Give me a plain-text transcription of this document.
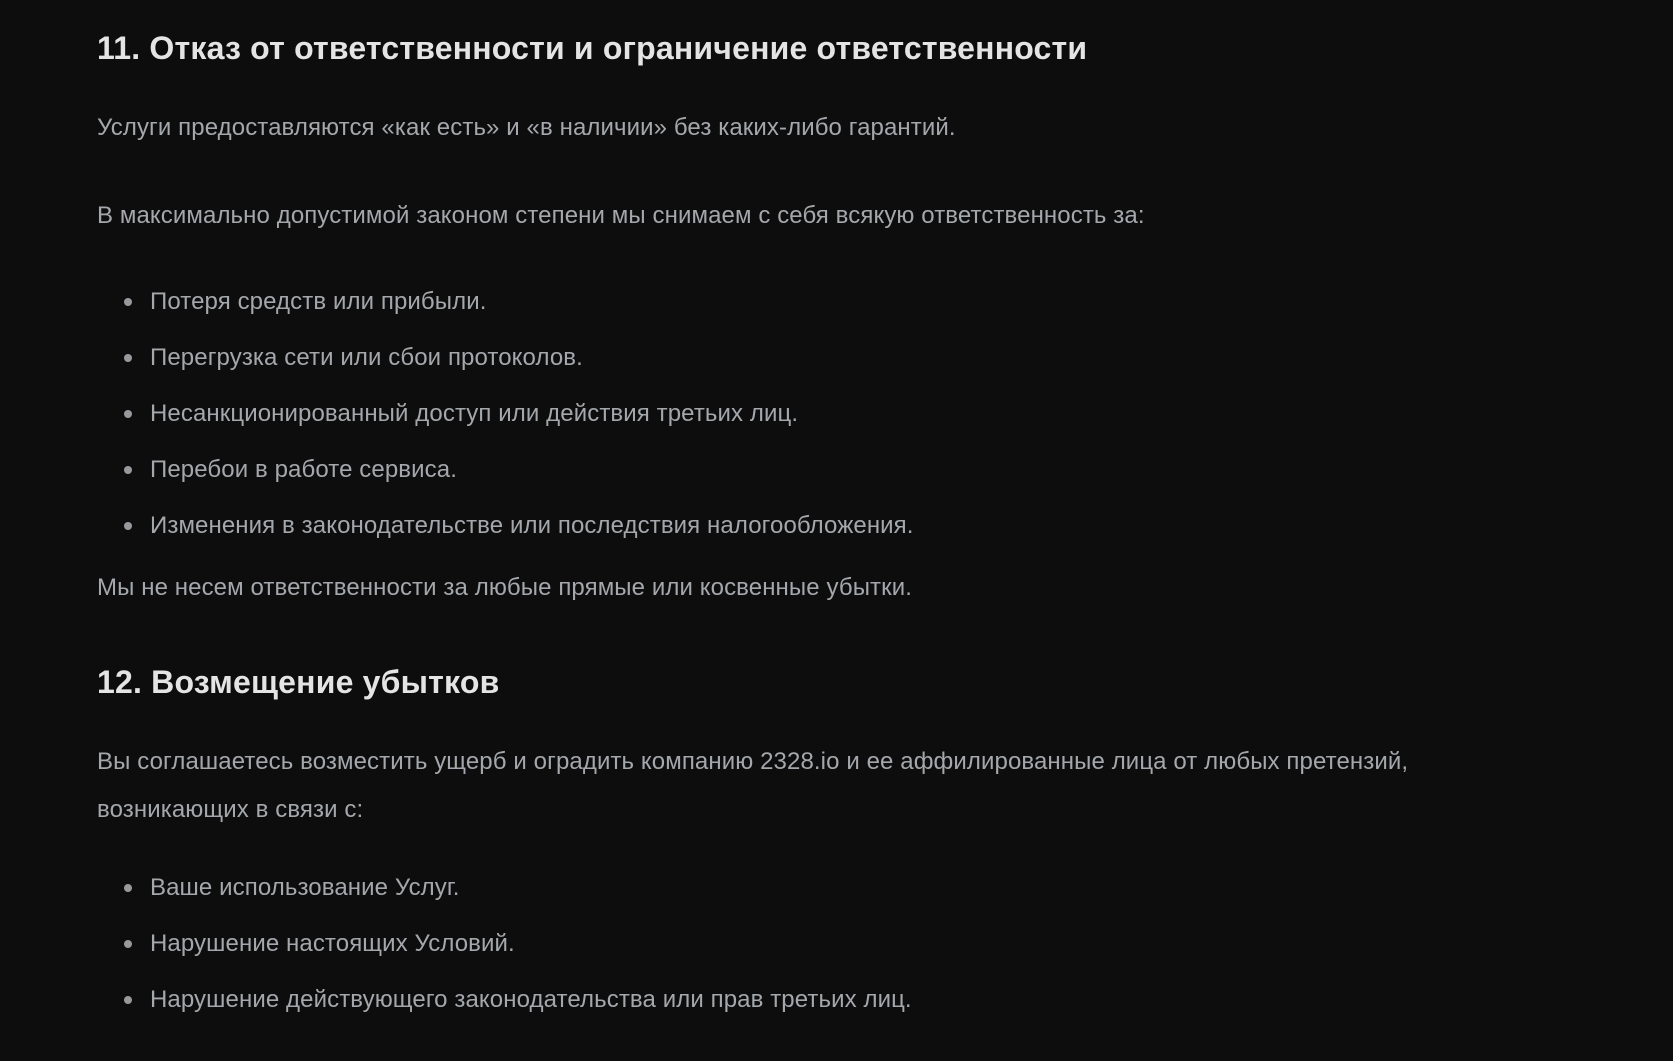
11. Отказ от ответственности и ограничение ответственности

Услуги предоставляются «как есть» и «в наличии» без каких-либо гарантий.

В максимально допустимой законом степени мы снимаем с себя всякую ответственность за:

Потеря средств или прибыли.
Перегрузка сети или сбои протоколов.
Несанкционированный доступ или действия третьих лиц.
Перебои в работе сервиса.
Изменения в законодательстве или последствия налогообложения.

Мы не несем ответственности за любые прямые или косвенные убытки.

12. Возмещение убытков

Вы соглашаетесь возместить ущерб и оградить компанию 2328.io и ее аффилированные лица от любых претензий,
возникающих в связи с:

Ваше использование Услуг.
Нарушение настоящих Условий.
Нарушение действующего законодательства или прав третьих лиц.
